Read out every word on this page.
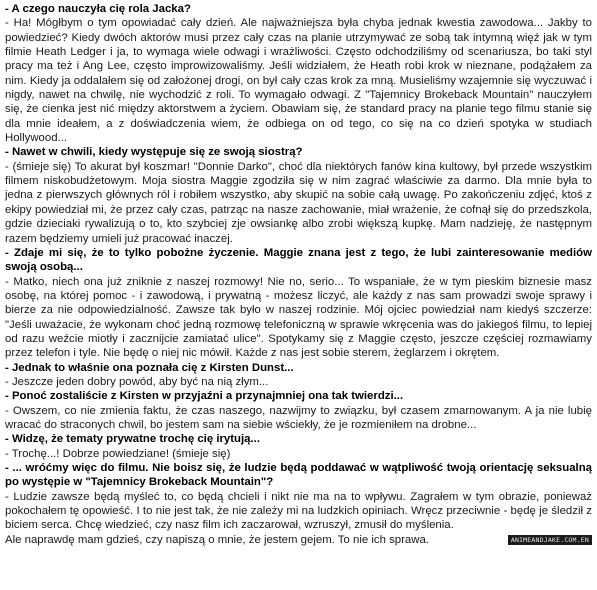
- A czego nauczyła cię rola Jacka?
- Ha! Mógłbym o tym opowiadać cały dzień. Ale najważniejsza była chyba jednak kwestia zawodowa... Jakby to powiedzieć? Kiedy dwóch aktorów musi przez cały czas na planie utrzymywać ze sobą tak intymną więź jak w tym filmie Heath Ledger i ja, to wymaga wiele odwagi i wrażliwości. Często odchodziliśmy od scenariusza, bo taki styl pracy ma też i Ang Lee, często improwizowaliśmy. Jeśli widziałem, że Heath robi krok w nieznane, podążałem za nim. Kiedy ja oddalałem się od założonej drogi, on był cały czas krok za mną. Musieliśmy wzajemnie się wyczuwać i nigdy, nawet na chwilę, nie wychodzić z roli. To wymagało odwagi. Z "Tajemnicy Brokeback Mountain" nauczyłem się, że cienka jest nić między aktorstwem a życiem. Obawiam się, że standard pracy na planie tego filmu stanie się dla mnie ideałem, a z doświadczenia wiem, że odbiega on od tego, co się na co dzień spotyka w studiach Hollywood...
- Nawet w chwili, kiedy występuje się ze swoją siostrą?
- (śmieje się) To akurat był koszmar! "Donnie Darko", choć dla niektórych fanów kina kultowy, był przede wszystkim filmem niskobudżetowym. Moja siostra Maggie zgodziła się w nim zagrać właściwie za darmo. Dla mnie była to jedna z pierwszych głównych ról i robiłem wszystko, aby skupić na sobie całą uwagę. Po zakończeniu zdjęć, ktoś z ekipy powiedział mi, że przez cały czas, patrząc na nasze zachowanie, miał wrażenie, że cofnął się do przedszkola, gdzie dzieciaki rywalizują o to, kto szybciej zje owsiankę albo zrobi większą kupkę. Mam nadzieję, że następnym razem będziemy umieli już pracować inaczej.
- Zdaje mi się, że to tylko pobożne życzenie. Maggie znana jest z tego, że lubi zainteresowanie mediów swoją osobą...
- Matko, niech ona już zniknie z naszej rozmowy! Nie no, serio... To wspaniałe, że w tym pieskim biznesie masz osobę, na której pomoc - i zawodową, i prywatną - możesz liczyć, ale każdy z nas sam prowadzi swoje sprawy i bierze za nie odpowiedzialność. Zawsze tak było w naszej rodzinie. Mój ojciec powiedział nam kiedyś szczerze: "Jeśli uważacie, że wykonam choć jedną rozmowę telefoniczną w sprawie wkręcenia was do jakiegoś filmu, to lepiej od razu weźcie miotły i zacznijcie zamiatać ulice". Spotykamy się z Maggie często, jeszcze częściej rozmawiamy przez telefon i tyle. Nie będę o niej nic mówił. Każde z nas jest sobie sterem, żeglarzem i okrętem.
- Jednak to właśnie ona poznała cię z Kirsten Dunst...
- Jeszcze jeden dobry powód, aby być na nią złym...
- Ponoć zostaliście z Kirsten w przyjaźni a przynajmniej ona tak twierdzi...
- Owszem, co nie zmienia faktu, że czas naszego, nazwijmy to związku, był czasem zmarnowanym. A ja nie lubię wracać do straconych chwil, bo jestem sam na siebie wściekły, że je rozmieniłem na drobne...
- Widzę, że tematy prywatne trochę cię irytują...
- Trochę...! Dobrze powiedziane! (śmieje się)
- ... wróćmy więc do filmu. Nie boisz się, że ludzie będą poddawać w wątpliwość twoją orientację seksualną po występie w "Tajemnicy Brokeback Mountain"?
- Ludzie zawsze będą myśleć to, co będą chcieli i nikt nie ma na to wpływu. Zagrałem w tym obrazie, ponieważ pokochałem tę opowieść. I to nie jest tak, że nie zależy mi na ludzkich opiniach. Wręcz przeciwnie - będę je śledził z biciem serca. Chcę wiedzieć, czy nasz film ich zaczarował, wzruszył, zmusił do myślenia.
Ale naprawdę mam gdzieś, czy napiszą o mnie, że jestem gejem. To nie ich sprawa.	ANIMEANDJAKE.COM.EN
